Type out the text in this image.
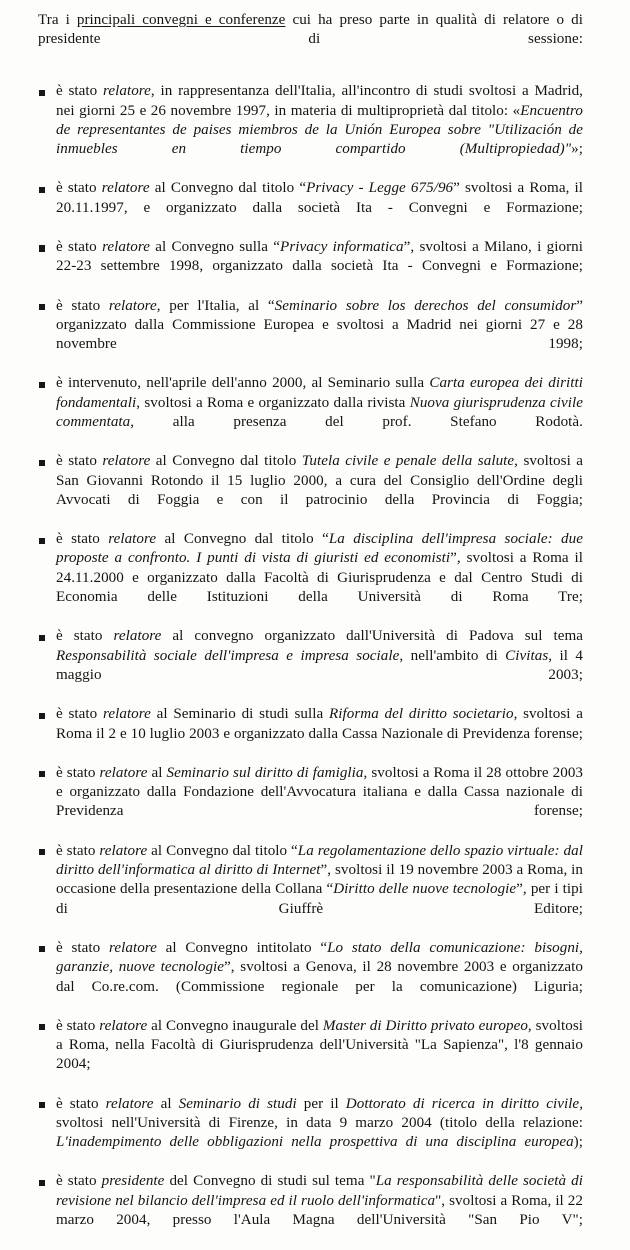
Tra i principali convegni e conferenze cui ha preso parte in qualità di relatore o di presidente di sessione:

è stato relatore, in rappresentanza dell'Italia, all'incontro di studi svoltosi a Madrid, nei giorni 25 e 26 novembre 1997, in materia di multiproprietà dal titolo: «Encuentro de representantes de paises miembros de la Unión Europea sobre "Utilización de inmuebles en tiempo compartido (Multipropiedad)"»;
è stato relatore al Convegno dal titolo “Privacy - Legge 675/96” svoltosi a Roma, il 20.11.1997, e organizzato dalla società Ita - Convegni e Formazione;
è stato relatore al Convegno sulla “Privacy informatica”, svoltosi a Milano, i giorni 22-23 settembre 1998, organizzato dalla società Ita - Convegni e Formazione;
è stato relatore, per l'Italia, al “Seminario sobre los derechos del consumidor” organizzato dalla Commissione Europea e svoltosi a Madrid nei giorni 27 e 28 novembre 1998;
è intervenuto, nell'aprile dell'anno 2000, al Seminario sulla Carta europea dei diritti fondamentali, svoltosi a Roma e organizzato dalla rivista Nuova giurisprudenza civile commentata, alla presenza del prof. Stefano Rodotà.
è stato relatore al Convegno dal titolo Tutela civile e penale della salute, svoltosi a San Giovanni Rotondo il 15 luglio 2000, a cura del Consiglio dell'Ordine degli Avvocati di Foggia e con il patrocinio della Provincia di Foggia;
è stato relatore al Convegno dal titolo “La disciplina dell'impresa sociale: due proposte a confronto. I punti di vista di giuristi ed economisti”, svoltosi a Roma il 24.11.2000 e organizzato dalla Facoltà di Giurisprudenza e dal Centro Studi di Economia delle Istituzioni della Università di Roma Tre;
è stato relatore al convegno organizzato dall'Università di Padova sul tema Responsabilità sociale dell'impresa e impresa sociale, nell'ambito di Civitas, il 4 maggio 2003;
è stato relatore al Seminario di studi sulla Riforma del diritto societario, svoltosi a Roma il 2 e 10 luglio 2003 e organizzato dalla Cassa Nazionale di Previdenza forense;
è stato relatore al Seminario sul diritto di famiglia, svoltosi a Roma il 28 ottobre 2003 e organizzato dalla Fondazione dell'Avvocatura italiana e dalla Cassa nazionale di Previdenza forense;
è stato relatore al Convegno dal titolo “La regolamentazione dello spazio virtuale: dal diritto dell'informatica al diritto di Internet”, svoltosi il 19 novembre 2003 a Roma, in occasione della presentazione della Collana “Diritto delle nuove tecnologie”, per i tipi di Giuffrè Editore;
è stato relatore al Convegno intitolato “Lo stato della comunicazione: bisogni, garanzie, nuove tecnologie”, svoltosi a Genova, il 28 novembre 2003 e organizzato dal Co.re.com. (Commissione regionale per la comunicazione) Liguria;
è stato relatore al Convegno inaugurale del Master di Diritto privato europeo, svoltosi a Roma, nella Facoltà di Giurisprudenza dell'Università "La Sapienza", l'8 gennaio 2004;
è stato relatore al Seminario di studi per il Dottorato di ricerca in diritto civile, svoltosi nell'Università di Firenze, in data 9 marzo 2004 (titolo della relazione: L'inadempimento delle obbligazioni nella prospettiva di una disciplina europea);
è stato presidente del Convegno di studi sul tema "La responsabilità delle società di revisione nel bilancio dell'impresa ed il ruolo dell'informatica", svoltosi a Roma, il 22 marzo 2004, presso l'Aula Magna dell'Università "San Pio V";
